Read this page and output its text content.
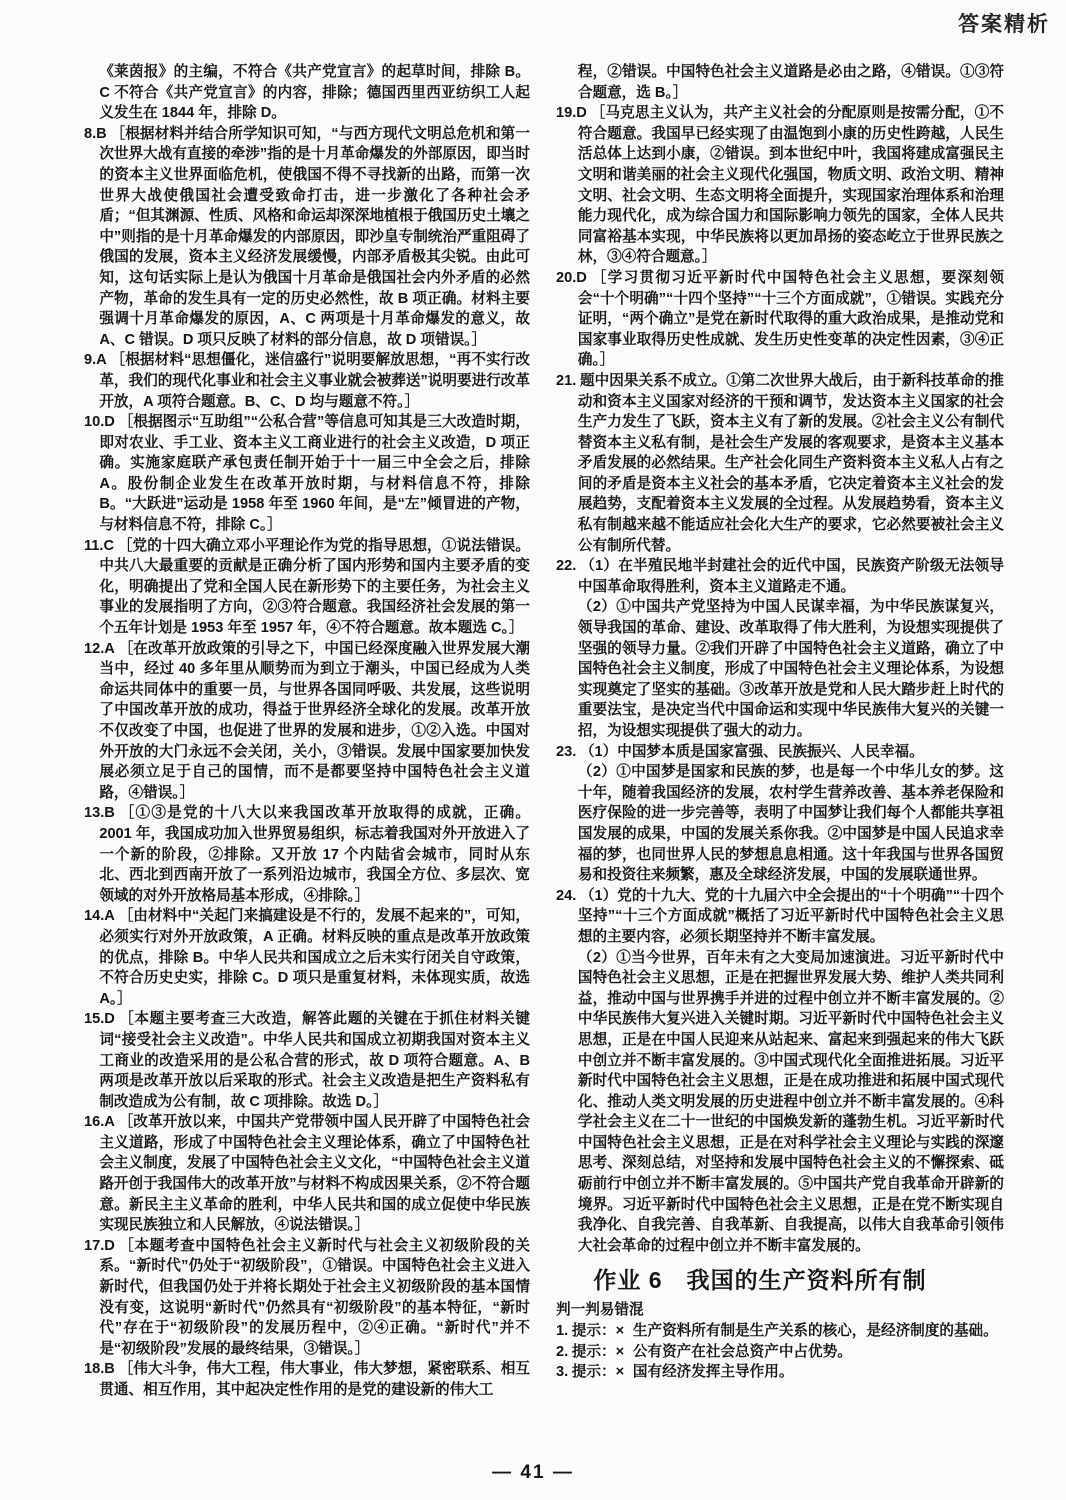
答案精析
《莱茵报》的主编，不符合《共产党宣言》的起草时间，排除 B。C 不符合《共产党宣言》的内容，排除；德国西里西亚纺织工人起义发生在 1844 年，排除 D。
8.B ［根据材料并结合所学知识可知，“与西方现代文明总危机和第一次世界大战有直接的牵涉”指的是十月革命爆发的外部原因，即当时的资本主义世界面临危机，使俄国不得不寻找新的出路，而第一次世界大战使俄国社会遭受致命打击，进一步激化了各种社会矛盾；“但其渊源、性质、风格和命运却深深地植根于俄国历史土壤之中”则指的是十月革命爆发的内部原因，即沙皇专制统治严重阻碍了俄国的发展，资本主义经济发展缓慢，内部矛盾极其尖锐。由此可知，这句话实际上是认为俄国十月革命是俄国社会内外矛盾的必然产物，革命的发生具有一定的历史必然性，故 B 项正确。材料主要强调十月革命爆发的原因，A、C 两项是十月革命爆发的意义，故 A、C 错误。D 项只反映了材料的部分信息，故 D 项错误。］
9.A ［根据材料“思想僵化，迷信盛行”说明要解放思想，“再不实行改革，我们的现代化事业和社会主义事业就会被葬送”说明要进行改革开放，A 项符合题意。B、C、D 均与题意不符。］
10.D ［根据图示“互助组”“公私合营”等信息可知其是三大改造时期，即对农业、手工业、资本主义工商业进行的社会主义改造，D 项正确。实施家庭联产承包责任制开始于十一届三中全会之后，排除 A。股份制企业发生在改革开放时期，与材料信息不符，排除 B。“大跃进”运动是 1958 年至 1960 年间，是“左”倾冒进的产物，与材料信息不符，排除 C。］
11.C ［党的十四大确立邓小平理论作为党的指导思想，①说法错误。中共八大最重要的贡献是正确分析了国内形势和国内主要矛盾的变化，明确提出了党和全国人民在新形势下的主要任务，为社会主义事业的发展指明了方向，②③符合题意。我国经济社会发展的第一个五年计划是 1953 年至 1957 年，④不符合题意。故本题选 C。］
12.A ［在改革开放政策的引导之下，中国已经深度融入世界发展大潮当中，经过 40 多年里从顺势而为到立于潮头，中国已经成为人类命运共同体中的重要一员，与世界各国同呼吸、共发展，这些说明了中国改革开放的成功，得益于世界经济全球化的发展。改革开放不仅改变了中国，也促进了世界的发展和进步，①②入选。中国对外开放的大门永远不会关闭，关小，③错误。发展中国家要加快发展必须立足于自己的国情，而不是都要坚持中国特色社会主义道路，④错误。］
13.B ［①③是党的十八大以来我国改革开放取得的成就，正确。2001 年，我国成功加入世界贸易组织，标志着我国对外开放进入了一个新的阶段，②排除。又开放 17 个内陆省会城市，同时从东北、西北到西南开放了一系列沿边城市，我国全方位、多层次、宽领域的对外开放格局基本形成，④排除。］
14.A ［由材料中“关起门来搞建设是不行的，发展不起来的”，可知，必须实行对外开放政策，A 正确。材料反映的重点是改革开放政策的优点，排除 B。中华人民共和国成立之后未实行闭关自守政策，不符合历史史实，排除 C。D 项只是重复材料，未体现实质，故选 A。］
15.D ［本题主要考查三大改造，解答此题的关键在于抓住材料关键词“接受社会主义改造”。中华人民共和国成立初期我国对资本主义工商业的改造采用的是公私合营的形式，故 D 项符合题意。A、B 两项是改革开放以后采取的形式。社会主义改造是把生产资料私有制改造成为公有制，故 C 项排除。故选 D。］
16.A ［改革开放以来，中国共产党带领中国人民开辟了中国特色社会主义道路，形成了中国特色社会主义理论体系，确立了中国特色社会主义制度，发展了中国特色社会主义文化，“中国特色社会主义道路开创于我国伟大的改革开放”与材料不构成因果关系，②不符合题意。新民主主义革命的胜利，中华人民共和国的成立促使中华民族实现民族独立和人民解放，④说法错误。］
17.D ［本题考查中国特色社会主义新时代与社会主义初级阶段的关系。“新时代”仍处于“初级阶段”，①错误。中国特色社会主义进入新时代，但我国仍处于并将长期处于社会主义初级阶段的基本国情没有变，这说明“新时代”仍然具有“初级阶段”的基本特征，“新时代”存在于“初级阶段”的发展历程中，②④正确。“新时代”并不是“初级阶段”发展的最终结果，③错误。］
18.B ［伟大斗争，伟大工程，伟大事业，伟大梦想，紧密联系、相互贯通、相互作用，其中起决定性作用的是党的建设新的伟大工
程，②错误。中国特色社会主义道路是必由之路，④错误。①③符合题意，选 B。］
19.D ［马克思主义认为，共产主义社会的分配原则是按需分配，①不符合题意。我国早已经实现了由温饱到小康的历史性跨越，人民生活总体上达到小康，②错误。到本世纪中叶，我国将建成富强民主文明和谐美丽的社会主义现代化强国，物质文明、政治文明、精神文明、社会文明、生态文明将全面提升，实现国家治理体系和治理能力现代化，成为综合国力和国际影响力领先的国家，全体人民共同富裕基本实现，中华民族将以更加昂扬的姿态屹立于世界民族之林，③④符合题意。］
20.D ［学习贯彻习近平新时代中国特色社会主义思想，要深刻领会“十个明确”“十四个坚持”“十三个方面成就”，①错误。实践充分证明，“两个确立”是党在新时代取得的重大政治成果，是推动党和国家事业取得历史性成就、发生历史性变革的决定性因素，③④正确。］
21. 题中因果关系不成立。①第二次世界大战后，由于新科技革命的推动和资本主义国家对经济的干预和调节，发达资本主义国家的社会生产力发生了飞跃，资本主义有了新的发展。②社会主义公有制代替资本主义私有制，是社会生产发展的客观要求，是资本主义基本矛盾发展的必然结果。生产社会化同生产资料资本主义私人占有之间的矛盾是资本主义社会的基本矛盾，它决定着资本主义社会的发展趋势，支配着资本主义发展的全过程。从发展趋势看，资本主义私有制越来越不能适应社会化大生产的要求，它必然要被社会主义公有制所代替。
22. （1）在半殖民地半封建社会的近代中国，民族资产阶级无法领导中国革命取得胜利，资本主义道路走不通。
（2）①中国共产党坚持为中国人民谋幸福，为中华民族谋复兴，领导我国的革命、建设、改革取得了伟大胜利，为设想实现提供了坚强的领导力量。②我们开辟了中国特色社会主义道路，确立了中国特色社会主义制度，形成了中国特色社会主义理论体系，为设想实现奠定了坚实的基础。③改革开放是党和人民大踏步赶上时代的重要法宝，是决定当代中国命运和实现中华民族伟大复兴的关键一招，为设想实现提供了强大的动力。
23. （1）中国梦本质是国家富强、民族振兴、人民幸福。
（2）①中国梦是国家和民族的梦，也是每一个中华儿女的梦。这十年，随着我国经济的发展，农村学生营养改善、基本养老保险和医疗保险的进一步完善等，表明了中国梦让我们每个人都能共享祖国发展的成果，中国的发展关系你我。②中国梦是中国人民追求幸福的梦，也同世界人民的梦想息息相通。这十年我国与世界各国贸易和投资往来频繁，惠及全球经济发展，中国的发展联通世界。
24. （1）党的十九大、党的十九届六中全会提出的“十个明确”“十四个坚持”“十三个方面成就”概括了习近平新时代中国特色社会主义思想的主要内容，必须长期坚持并不断丰富发展。
（2）①当今世界，百年未有之大变局加速演进。习近平新时代中国特色社会主义思想，正是在把握世界发展大势、维护人类共同利益，推动中国与世界携手并进的过程中创立并不断丰富发展的。②中华民族伟大复兴进入关键时期。习近平新时代中国特色社会主义思想，正是在中国人民迎来从站起来、富起来到强起来的伟大飞跃中创立并不断丰富发展的。③中国式现代化全面推进拓展。习近平新时代中国特色社会主义思想，正是在成功推进和拓展中国式现代化、推动人类文明发展的历史进程中创立并不断丰富发展的。④科学社会主义在二十一世纪的中国焕发新的蓬勃生机。习近平新时代中国特色社会主义思想，正是在对科学社会主义理论与实践的深邃思考、深刻总结，对坚持和发展中国特色社会主义的不懈探索、砥砺前行中创立并不断丰富发展的。⑤中国共产党自我革命开辟新的境界。习近平新时代中国特色社会主义思想，正是在党不断实现自我净化、自我完善、自我革新、自我提高，以伟大自我革命引领伟大社会革命的过程中创立并不断丰富发展的。
作业 6　我国的生产资料所有制
判一判易错混
1. 提示：× 生产资料所有制是生产关系的核心，是经济制度的基础。
2. 提示：× 公有资产在社会总资产中占优势。
3. 提示：× 国有经济发挥主导作用。
— 41 —
